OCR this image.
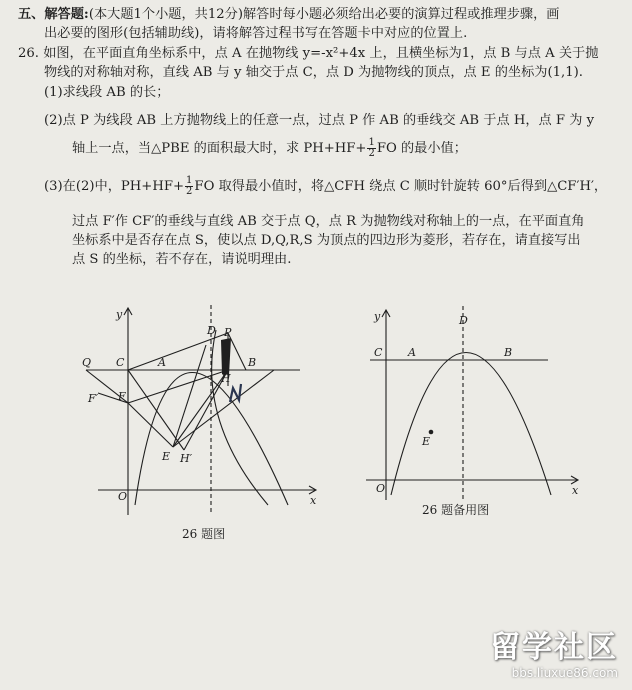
五、解答题:(本大题1个小题，共12分)解答时每小题必须给出必要的演算过程或推理步骤，画
出必要的图形(包括辅助线)，请将解答过程书写在答题卡中对应的位置上.
26. 如图，在平面直角坐标系中，点 A 在抛物线 y=-x²+4x 上，且横坐标为1，点 B 与点 A 关于抛
物线的对称轴对称，直线 AB 与 y 轴交于点 C，点 D 为抛物线的顶点，点 E 的坐标为(1,1).
(1)求线段 AB 的长；
(2)点 P 为线段 AB 上方抛物线上的任意一点，过点 P 作 AB 的垂线交 AB 于点 H，点 F 为 y
轴上一点，当△PBE 的面积最大时，求 $PH+HF+ \frac{1}{2}$ FO 的最小值；
(3)在(2)中，$PH+HF+ \frac{1}{2}$ FO 取得最小值时，将△CFH 绕点 C 顺时针旋转 60°后得到△CF′H′，
过点 F′作 CF′的垂线与直线 AB 交于点 Q，点 R 为抛物线对称轴上的一点，在平面直角
坐标系中是否存在点 S，使以点 D,Q,R,S 为顶点的四边形为菱形，若存在，请直接写出
点 S 的坐标，若不存在，请说明理由.
y
x
O
Q C	A	B
D P
H
F
F′
E H′
26 题图
y
x
O
C A	B
D
E
26 题备用图
留学社区
bbs.liuxue86.com
